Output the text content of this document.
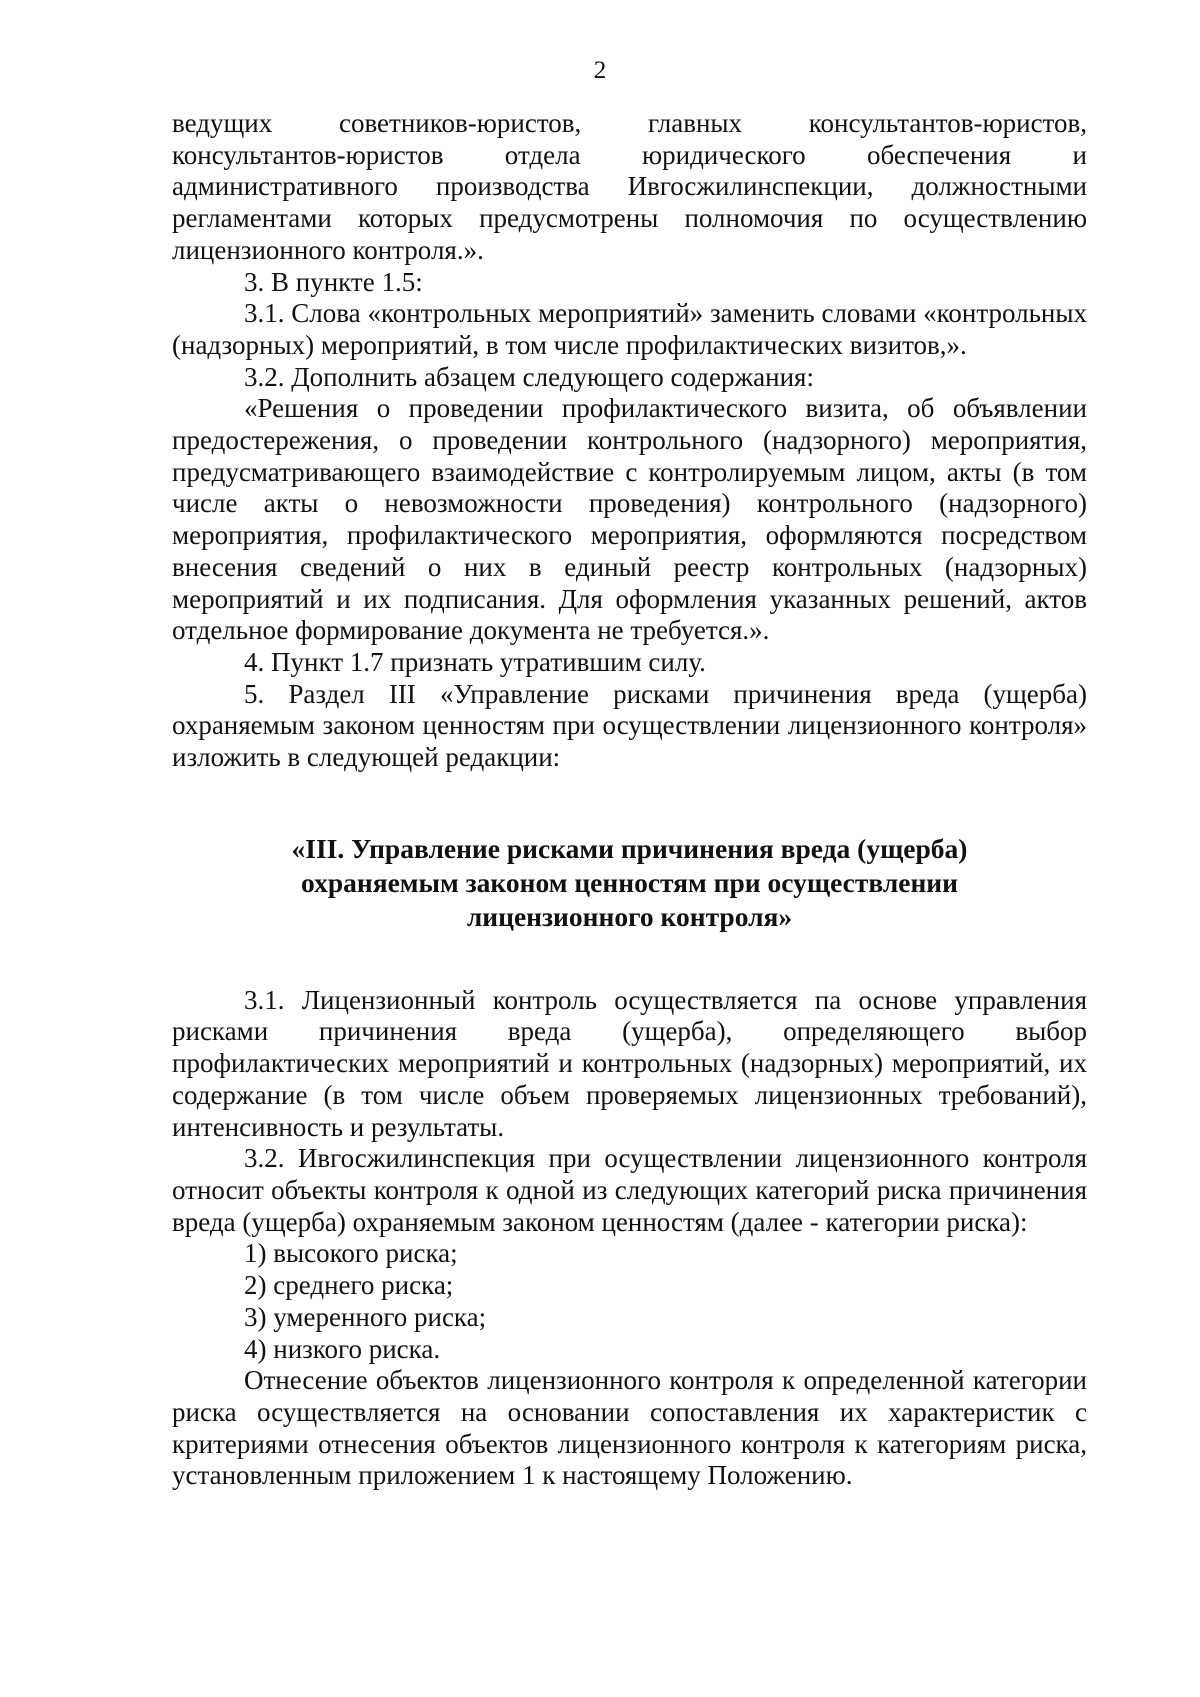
2

ведущих советников-юристов, главных консультантов-юристов, консультантов-юристов отдела юридического обеспечения и административного производства Ивгосжилинспекции, должностными регламентами которых предусмотрены полномочия по осуществлению лицензионного контроля.».

3. В пункте 1.5:

3.1. Слова «контрольных мероприятий» заменить словами «контрольных (надзорных) мероприятий, в том числе профилактических визитов,».

3.2. Дополнить абзацем следующего содержания:

«Решения о проведении профилактического визита, об объявлении предостережения, о проведении контрольного (надзорного) мероприятия, предусматривающего взаимодействие с контролируемым лицом, акты (в том числе акты о невозможности проведения) контрольного (надзорного) мероприятия, профилактического мероприятия, оформляются посредством внесения сведений о них в единый реестр контрольных (надзорных) мероприятий и их подписания. Для оформления указанных решений, актов отдельное формирование документа не требуется.».

4. Пункт 1.7 признать утратившим силу.

5. Раздел III «Управление рисками причинения вреда (ущерба) охраняемым законом ценностям при осуществлении лицензионного контроля» изложить в следующей редакции:

«III. Управление рисками причинения вреда (ущерба)
охраняемым законом ценностям при осуществлении
лицензионного контроля»

3.1. Лицензионный контроль осуществляется па основе управления рисками причинения вреда (ущерба), определяющего выбор профилактических мероприятий и контрольных (надзорных) мероприятий, их содержание (в том числе объем проверяемых лицензионных требований), интенсивность и результаты.

3.2. Ивгосжилинспекция при осуществлении лицензионного контроля относит объекты контроля к одной из следующих категорий риска причинения вреда (ущерба) охраняемым законом ценностям (далее - категории риска):

1) высокого риска;

2) среднего риска;

3) умеренного риска;

4) низкого риска.

Отнесение объектов лицензионного контроля к определенной категории риска осуществляется на основании сопоставления их характеристик с критериями отнесения объектов лицензионного контроля к категориям риска, установленным приложением 1 к настоящему Положению.
